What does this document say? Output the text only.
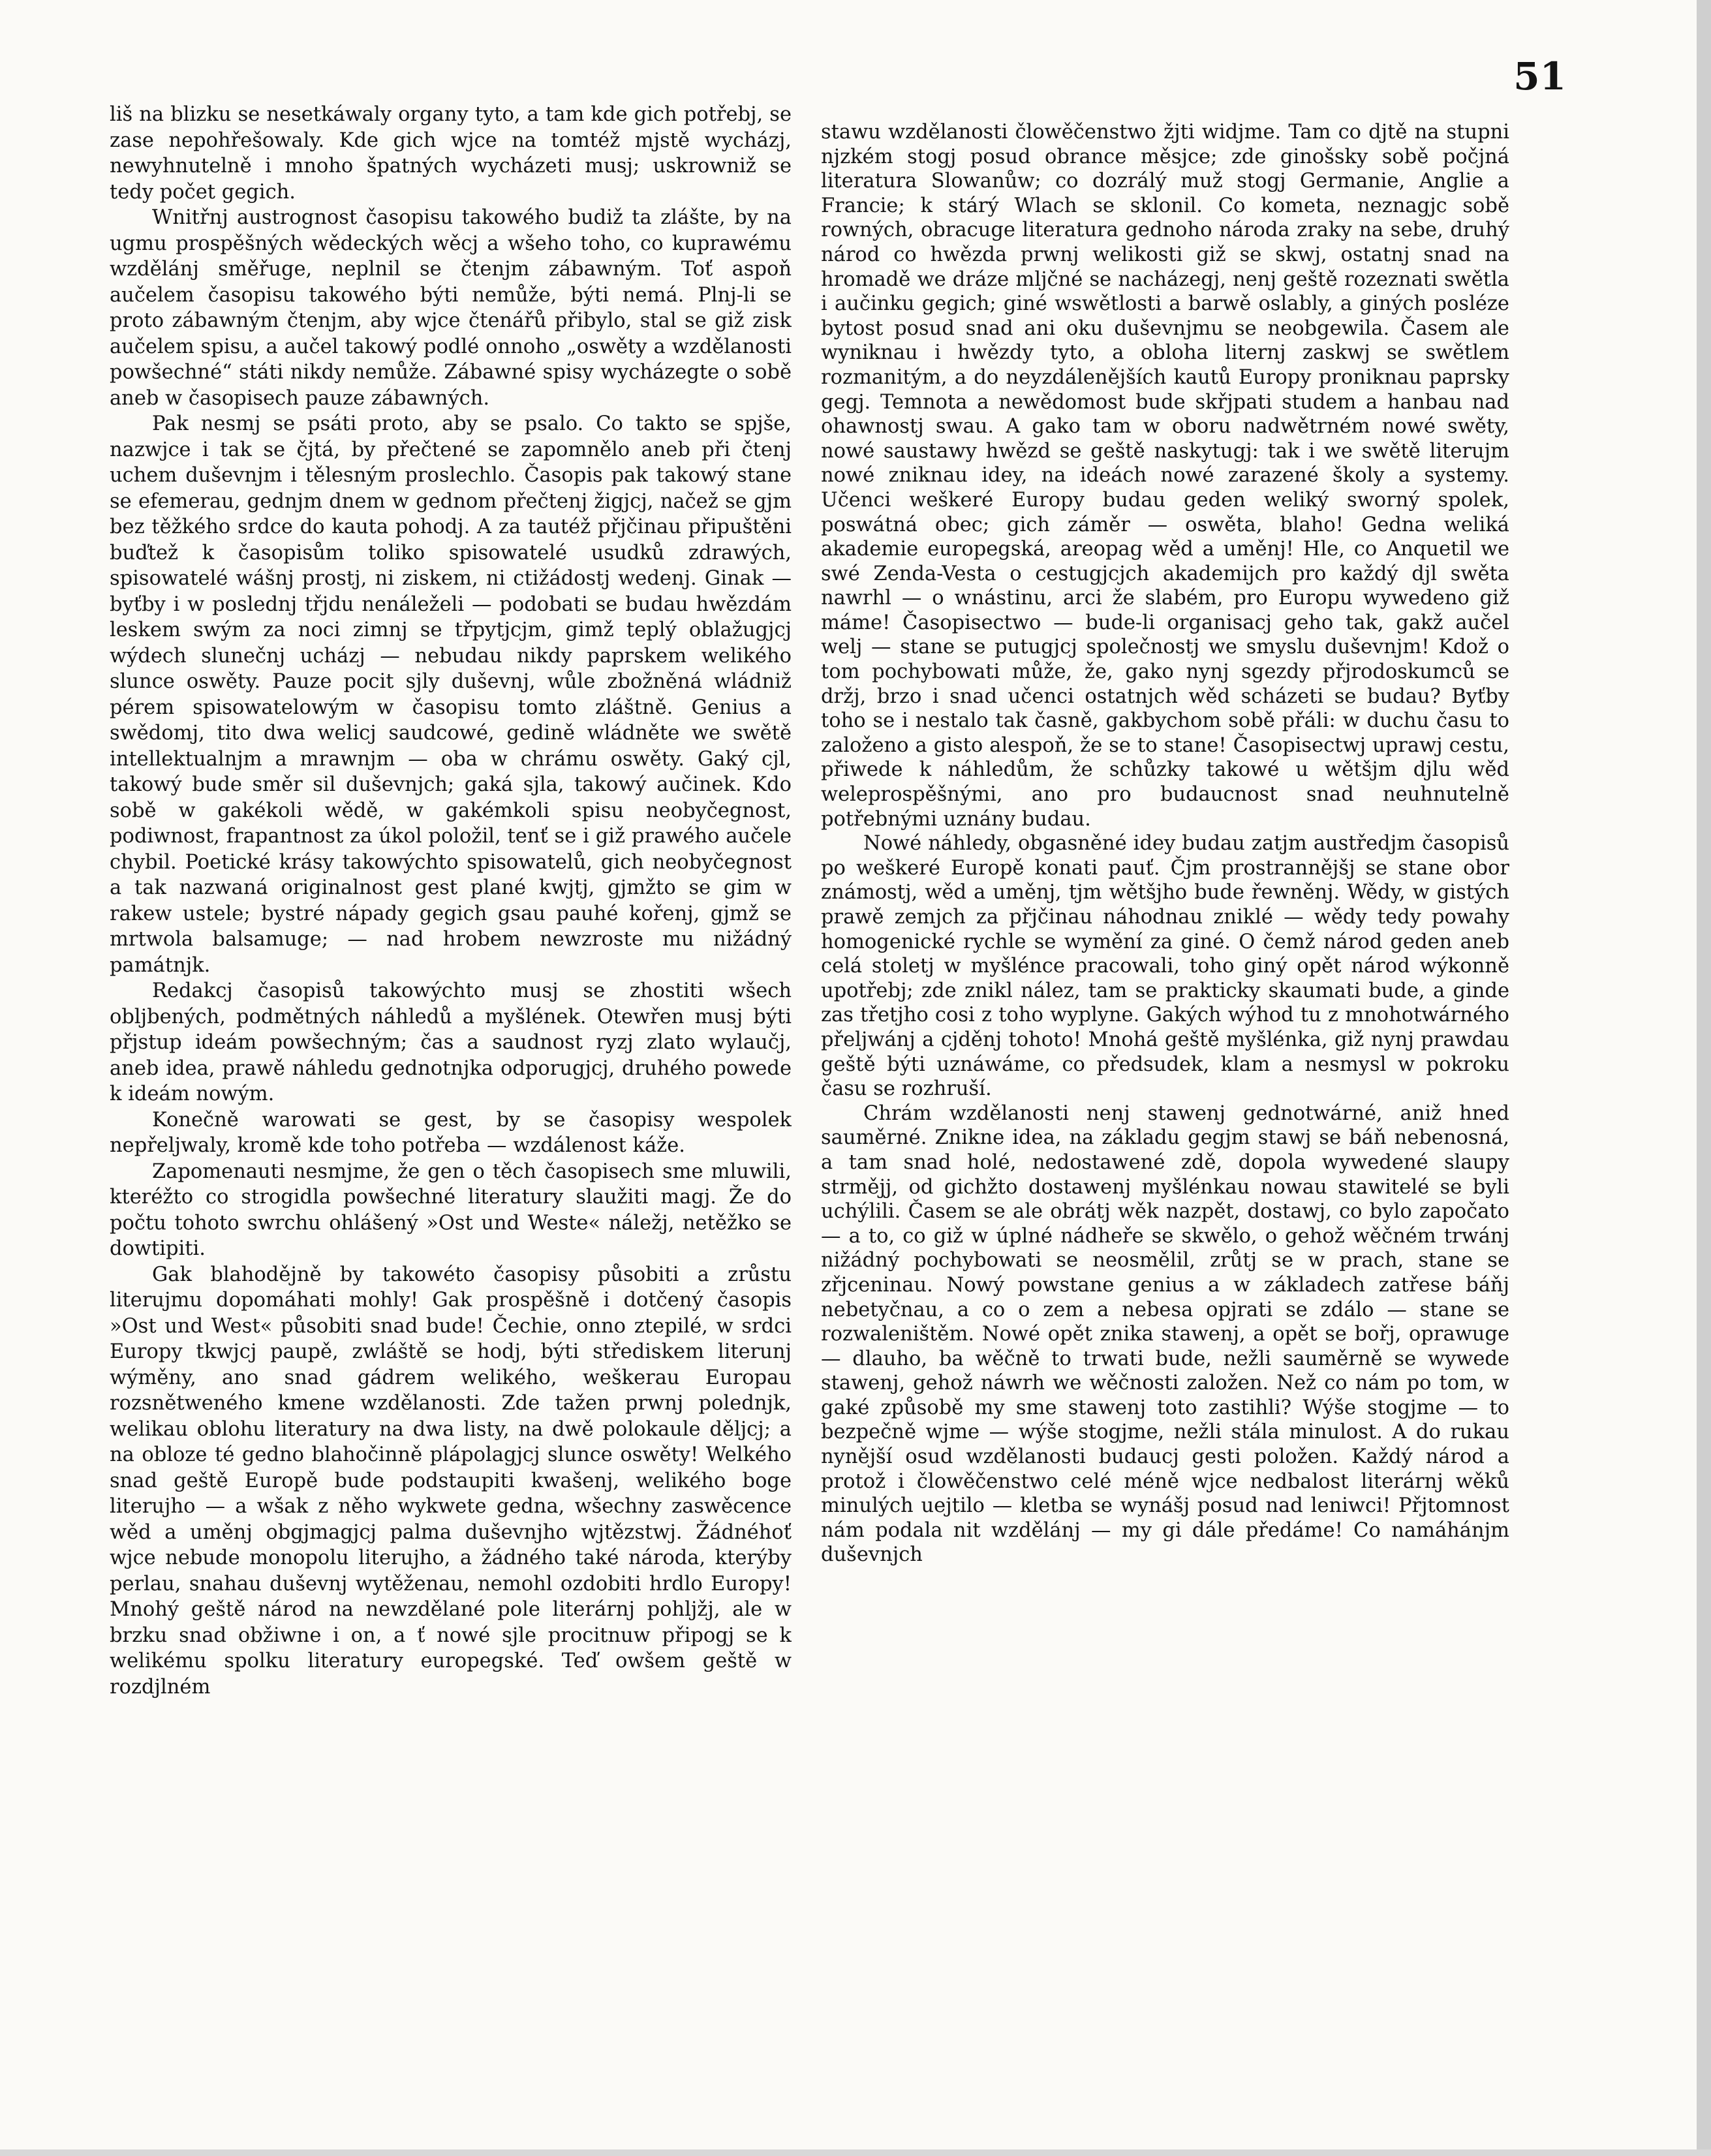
51

liš na blizku se nesetkáwaly organy tyto, a tam kde gich potřebj, se zase nepohřešowaly. Kde gich wjce na tomtéž mjstě wycházj, newyhnutelně i mnoho špatných wycházeti musj; uskrowniž se tedy počet gegich.

Wnitřnj austrognost časopisu takowého budiž ta zlášte, by na ugmu prospěšných wědeckých wěcj a wšeho toho, co kuprawému wzdělánj směřuge, neplnil se čtenjm zábawným. Toť aspoň aučelem časopisu takowého býti nemůže, býti nemá. Plnj-li se proto zábawným čtenjm, aby wjce čtenářů přibylo, stal se giž zisk aučelem spisu, a aučel takowý podlé onnoho „oswěty a wzdělanosti powšechné“ státi nikdy nemůže. Zábawné spisy wycházegte o sobě aneb w časopisech pauze zábawných.

Pak nesmj se psáti proto, aby se psalo. Co takto se spjše, nazwjce i tak se čjtá, by přečtené se zapomnělo aneb při čtenj uchem duševnjm i tělesným proslechlo. Časopis pak takowý stane se efemerau, gednjm dnem w gednom přečtenj žigjcj, načež se gjm bez těžkého srdce do kauta pohodj. A za tautéž přjčinau připuštěni buďtež k časopisům toliko spisowatelé usudků zdrawých, spisowatelé wášnj prostj, ni ziskem, ni ctižádostj wedenj. Ginak — byťby i w poslednj třjdu nenáleželi — podobati se budau hwězdám leskem swým za noci zimnj se třpytjcjm, gimž teplý oblažugjcj wýdech slunečnj ucházj — nebudau nikdy paprskem welikého slunce oswěty. Pauze pocit sjly duševnj, wůle zbožněná wládniž pérem spisowatelowým w časopisu tomto zláštně. Genius a swědomj, tito dwa welicj saudcowé, gedině wládněte we swětě intellektualnjm a mrawnjm — oba w chrámu oswěty. Gaký cjl, takowý bude směr sil duševnjch; gaká sjla, takowý aučinek. Kdo sobě w gakékoli wědě, w gakémkoli spisu neobyčegnost, podiwnost, frapantnost za úkol položil, tenť se i giž prawého aučele chybil. Poetické krásy takowýchto spisowatelů, gich neobyčegnost a tak nazwaná originalnost gest plané kwjtj, gjmžto se gim w rakew ustele; bystré nápady gegich gsau pauhé kořenj, gjmž se mrtwola balsamuge; — nad hrobem newzroste mu nižádný památnjk.

Redakcj časopisů takowýchto musj se zhostiti wšech oblјbených, podmětných náhledů a myšlének. Otewřen musj býti přjstup ideám powšechným; čas a saudnost ryzj zlato wylaučj, aneb idea, prawě náhledu gednotnjka odporugjcj, druhého powede k ideám nowým.

Konečně warowati se gest, by se časopisy wespolek nepřeljwaly, kromě kde toho potřeba — wzdálenost káže.

Zapomenauti nesmjme, že gen o těch časopisech sme mluwili, kteréžto co strogidla powšechné literatury slaužiti magj. Že do počtu tohoto swrchu ohlášený »Ost und Weste« náležj, netěžko se dowtipiti.

Gak blahodějně by takowéto časopisy působiti a zrůstu literujmu dopomáhati mohly! Gak prospěšně i dotčený časopis »Ost und West« působiti snad bude! Čechie, onno ztepilé, w srdci Europy tkwjcj paupě, zwláště se hodj, býti střediskem literunj wýměny, ano snad gádrem welikého, weškerau Europau rozsnětweného kmene wzdělanosti. Zde tažen prwnj polednjk, welikau oblohu literatury na dwa listy, na dwě polokaule dělјcj; a na obloze té gedno blahočinně plápolagjcj slunce oswěty! Welkého snad geště Europě bude podstaupiti kwašenj, welikého boge literujho — a wšak z něho wykwete gedna, wšechny zaswěcence wěd a uměnj obgjmagjcj palma duševnjho wjtězstwj. Žádnéhoť wjce nebude monopolu literujho, a žádného také národa, kterýby perlau, snahau duševnj wytěženau, nemohl ozdobiti hrdlo Europy! Mnohý geště národ na newzdělané pole literárnj pohljžj, ale w brzku snad obžiwne i on, a ť nowé sjle procitnuw připogj se k welikému spolku literatury europegské. Teď owšem geště w rozdjlném

stawu wzdělanosti člowěčenstwo žjti widjme. Tam co djtě na stupni njzkém stogj posud obrance měsjce; zde ginošsky sobě počjná literatura Slowanůw; co dozrálý muž stogj Germanie, Anglie a Francie; k stárý Wlach se sklonil. Co kometa, neznagjc sobě rowných, obracuge literatura gednoho národa zraky na sebe, druhý národ co hwězda prwnj welikosti giž se skwj, ostatnj snad na hromadě we dráze mljčné se nacházegj, nenj geště rozeznati swětla i aučinku gegich; giné wswětlosti a barwě oslably, a giných posléze bytost posud snad ani oku duševnjmu se neobgewila. Časem ale wyniknau i hwězdy tyto, a obloha liternj zaskwj se swětlem rozmanitým, a do neyzdálenějších kautů Europy proniknau paprsky gegj. Temnota a newědomost bude skřjpati studem a hanbau nad ohawnostj swau. A gako tam w oboru nadwětrném nowé swěty, nowé saustawy hwězd se geště naskytugj: tak i we swětě literujm nowé zniknau idey, na ideách nowé zarazené školy a systemy. Učenci weškeré Europy budau geden weliký sworný spolek, poswátná obec; gich záměr — oswěta, blaho! Gedna weliká akademie europegská, areopag wěd a uměnj! Hle, co Anquetil we swé Zenda-Vesta o cestugјcјch akademijch pro každý djl swěta nawrhl — o wnástinu, arci že slabém, pro Europu wywedeno giž máme! Časopisectwo — bude-li organisacj geho tak, gakž aučel welj — stane se putugјcj společnostj we smyslu duševnjm! Kdož o tom pochybowati může, že, gako nynj sgezdy přjrodoskumců se držj, brzo i snad učenci ostatnjch wěd scházeti se budau? Byťby toho se i nestalo tak časně, gakbychom sobě přáli: w duchu času to založeno a gisto alespoň, že se to stane! Časopisectwj uprawj cestu, přiwede k náhledům, že schůzky takowé u wětšjm djlu wěd weleprospěšnými, ano pro budaucnost snad neuhnutelně potřebnými uznány budau.

Nowé náhledy, obgasněné idey budau zatjm austředjm časopisů po weškeré Europě konati pauť. Čjm prostrannějšj se stane obor známostj, wěd a uměnj, tjm wětšjho bude řewněnj. Wědy, w gistých prawě zemjch za přjčinau náhodnau zniklé — wědy tedy powahy homogenické rychle se wymění za giné. O čemž národ geden aneb celá stoletj w myšlénce pracowali, toho giný opět národ wýkonně upotřebj; zde znikl nález, tam se prakticky skaumati bude, a ginde zas třetjho cosi z toho wyplyne. Gakých wýhod tu z mnohotwárného přeljwánj a cjděnj tohoto! Mnohá geště myšlénka, giž nynj prawdau geště býti uznáwáme, co předsudek, klam a nesmysl w pokroku času se rozhruší.

Chrám wzdělanosti nenj stawenj gednotwárné, aniž hned sauměrné. Znikne idea, na základu gegjm stawj se báň nebenosná, a tam snad holé, nedostawené zdě, dopola wywedené slaupy strmějj, od gichžto dostawenj myšlénkau nowau stawitelé se byli uchýlili. Časem se ale obrátj wěk nazpět, dostawj, co bylo započato — a to, co giž w úplné nádheře se skwělo, o gehož wěčném trwánj nižádný pochybowati se neosmělil, zrůtj se w prach, stane se zřjceninau. Nowý powstane genius a w základech zatřese báňj nebetyčnau, a co o zem a nebesa opjrati se zdálo — stane se rozwaleništěm. Nowé opět znika stawenj, a opět se bořj, oprawuge — dlauho, ba wěčně to trwati bude, nežli sauměrně se wywede stawenj, gehož náwrh we wěčnosti založen. Než co nám po tom, w gaké způsobě my sme stawenj toto zastihli? Wýše stogjme — to bezpečně wjme — wýše stogjme, nežli stála minulost. A do rukau nynější osud wzdělanosti budaucj gesti položen. Každý národ a protož i člowěčenstwo celé méně wjce nedbalost literárnj wěků minulých uejtilo — kletba se wynášj posud nad leniwci! Přjtomnost nám podala nit wzdělánj — my gi dále předáme! Co namáhánjm duševnjch
